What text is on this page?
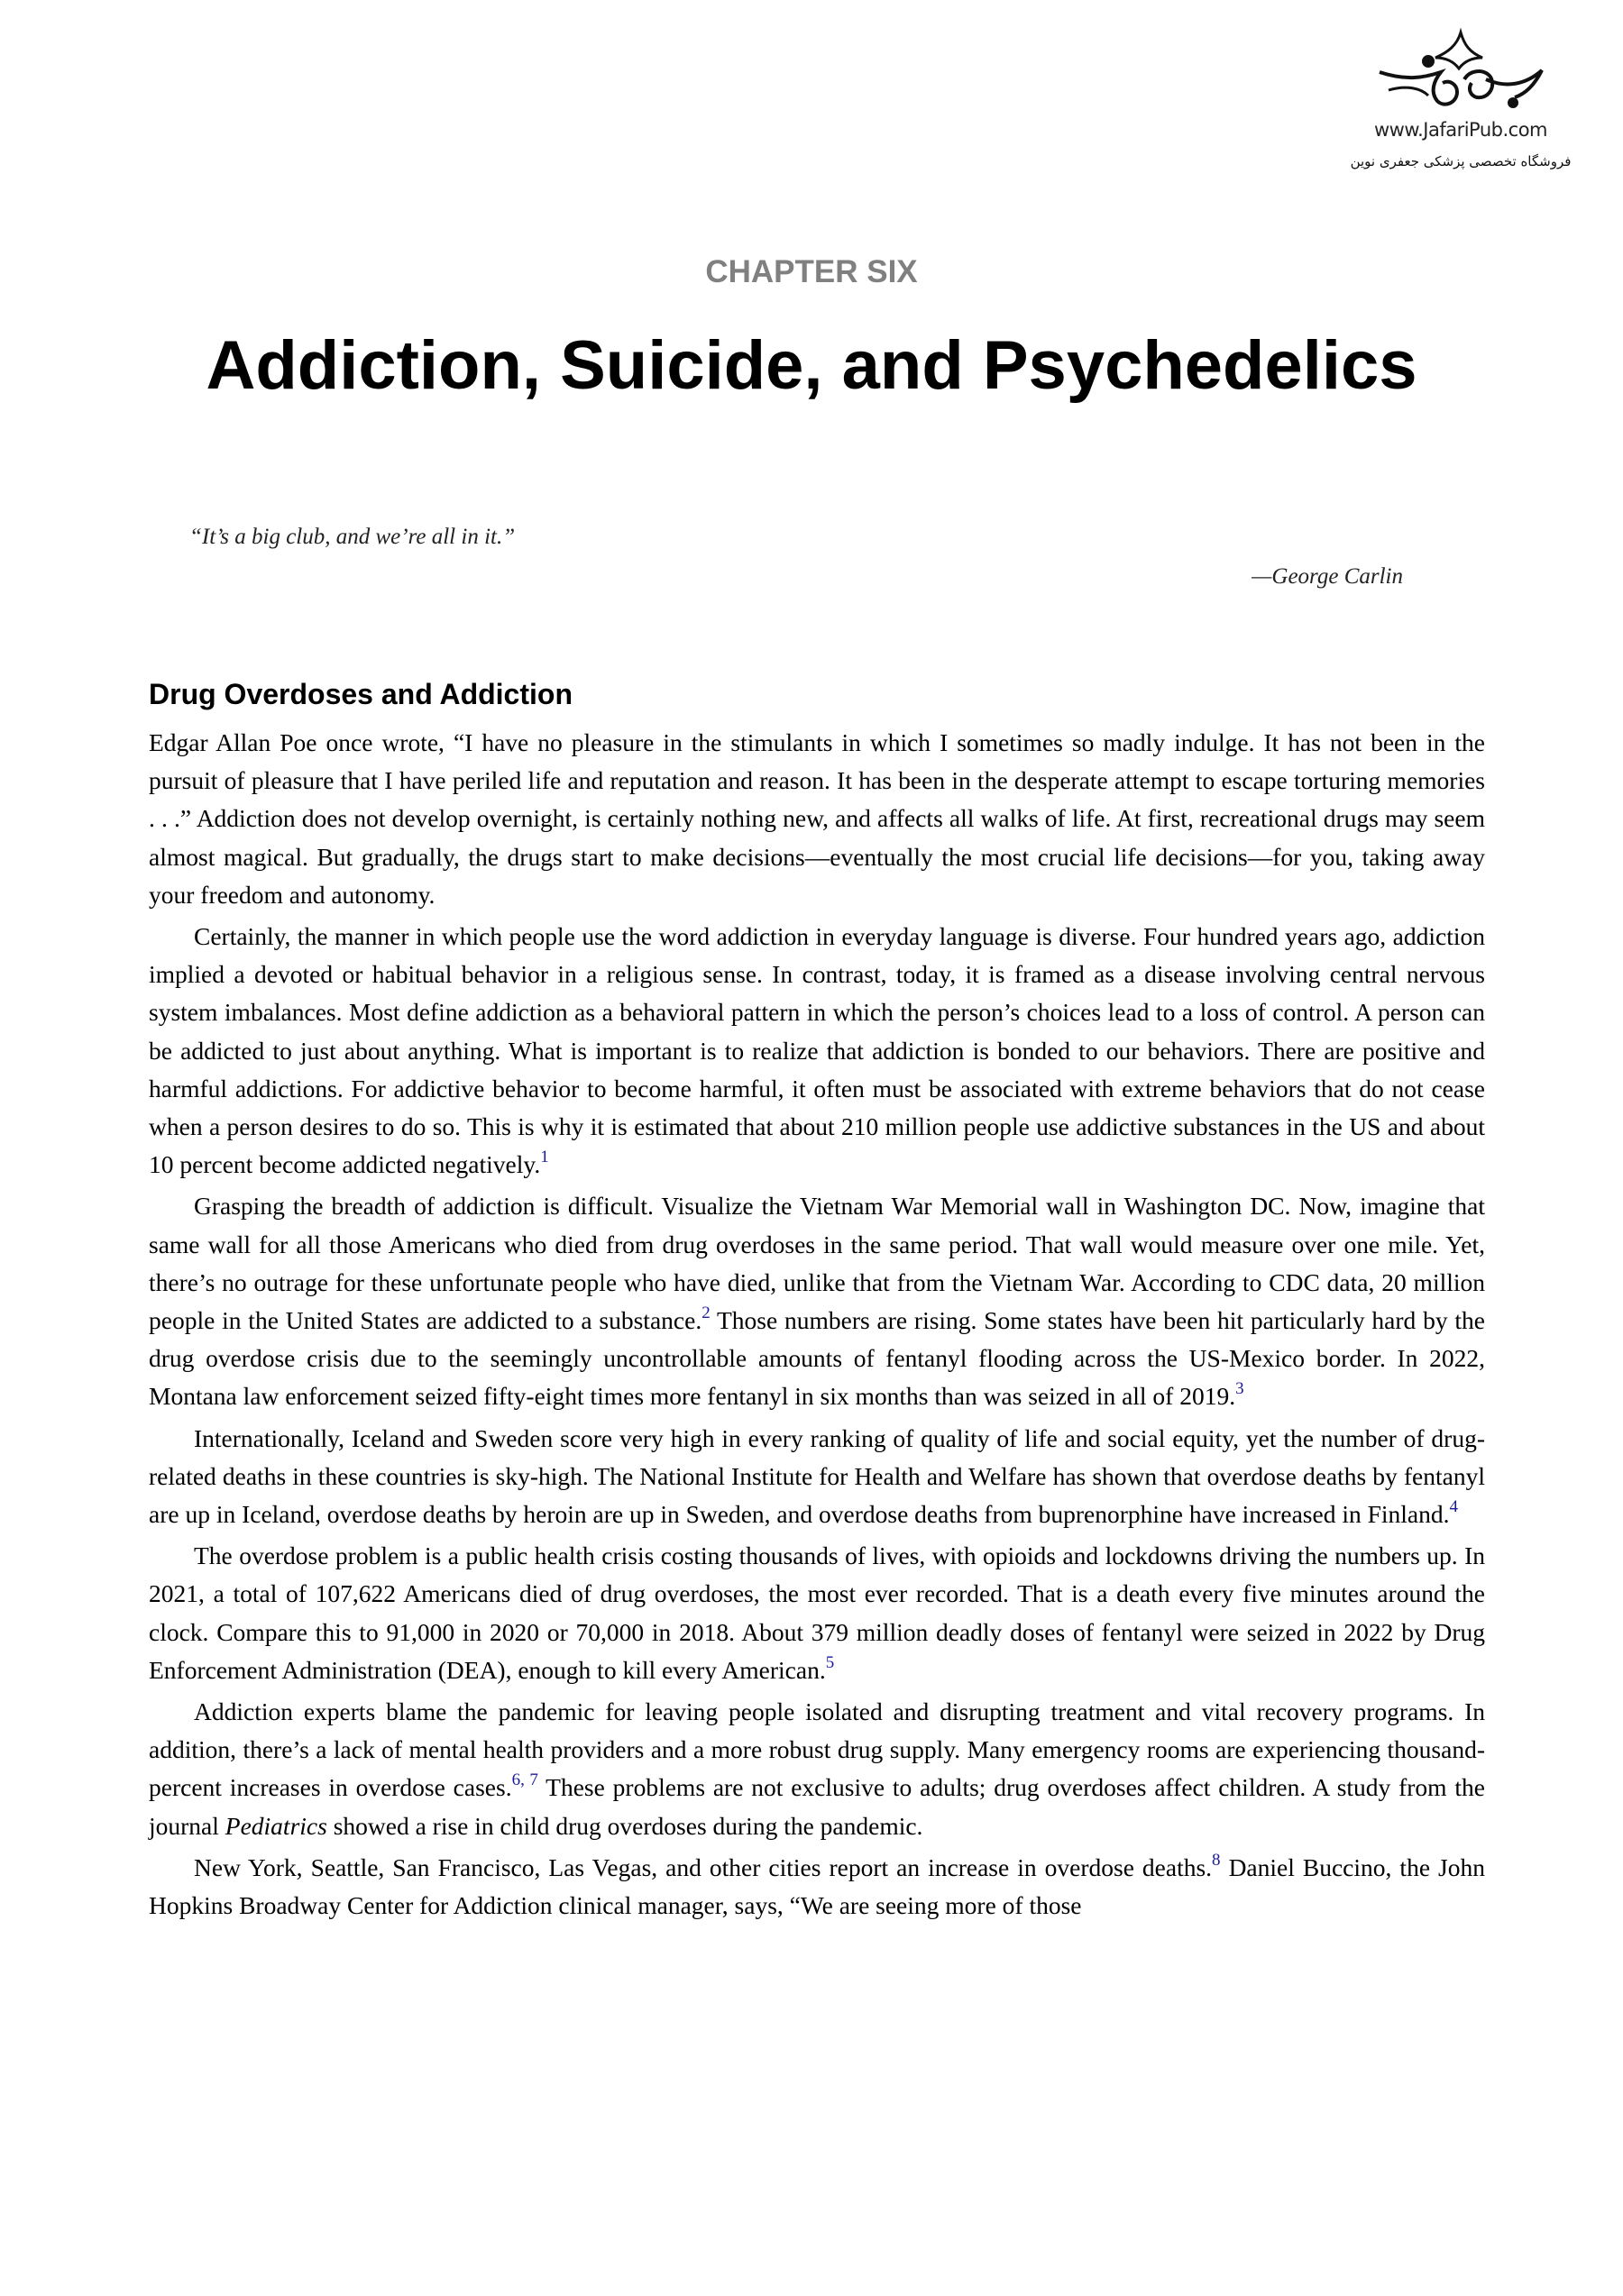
www.JafariPub.com
فروشگاه تخصصی پزشکی جعفری نوین
CHAPTER SIX
Addiction, Suicide, and Psychedelics
“It’s a big club, and we’re all in it.”
—George Carlin
Drug Overdoses and Addiction

Edgar Allan Poe once wrote, “I have no pleasure in the stimulants in which I sometimes so madly indulge. It has not been in the pursuit of pleasure that I have periled life and reputation and reason. It has been in the desperate attempt to escape torturing memories . . .” Addiction does not develop overnight, is certainly nothing new, and affects all walks of life. At first, recreational drugs may seem almost magical. But gradually, the drugs start to make decisions—eventually the most crucial life decisions—for you, taking away your freedom and autonomy.

Certainly, the manner in which people use the word addiction in everyday language is diverse. Four hundred years ago, addiction implied a devoted or habitual behavior in a religious sense. In contrast, today, it is framed as a disease involving central nervous system imbalances. Most define addiction as a behavioral pattern in which the person’s choices lead to a loss of control. A person can be addicted to just about anything. What is important is to realize that addiction is bonded to our behaviors. There are positive and harmful addictions. For addictive behavior to become harmful, it often must be associated with extreme behaviors that do not cease when a person desires to do so. This is why it is estimated that about 210 million people use addictive substances in the US and about 10 percent become addicted negatively.$^1$

Grasping the breadth of addiction is difficult. Visualize the Vietnam War Memorial wall in Washington DC. Now, imagine that same wall for all those Americans who died from drug overdoses in the same period. That wall would measure over one mile. Yet, there’s no outrage for these unfortunate people who have died, unlike that from the Vietnam War. According to CDC data, 20 million people in the United States are addicted to a substance.$^2$ Those numbers are rising. Some states have been hit particularly hard by the drug overdose crisis due to the seemingly uncontrollable amounts of fentanyl flooding across the US-Mexico border. In 2022, Montana law enforcement seized fifty-eight times more fentanyl in six months than was seized in all of 2019.$^3$

Internationally, Iceland and Sweden score very high in every ranking of quality of life and social equity, yet the number of drug-related deaths in these countries is sky-high. The National Institute for Health and Welfare has shown that overdose deaths by fentanyl are up in Iceland, overdose deaths by heroin are up in Sweden, and overdose deaths from buprenorphine have increased in Finland.$^4$

The overdose problem is a public health crisis costing thousands of lives, with opioids and lockdowns driving the numbers up. In 2021, a total of 107,622 Americans died of drug overdoses, the most ever recorded. That is a death every five minutes around the clock. Compare this to 91,000 in 2020 or 70,000 in 2018. About 379 million deadly doses of fentanyl were seized in 2022 by Drug Enforcement Administration (DEA), enough to kill every American.$^5$

Addiction experts blame the pandemic for leaving people isolated and disrupting treatment and vital recovery programs. In addition, there’s a lack of mental health providers and a more robust drug supply. Many emergency rooms are experiencing thousand-percent increases in overdose cases.$^{6,}$  $^7$ These problems are not exclusive to adults; drug overdoses affect children. A study from the journal Pediatrics showed a rise in child drug overdoses during the pandemic.

New York, Seattle, San Francisco, Las Vegas, and other cities report an increase in overdose deaths.$^8$ Daniel Buccino, the John Hopkins Broadway Center for Addiction clinical manager, says, “We are seeing more of those
